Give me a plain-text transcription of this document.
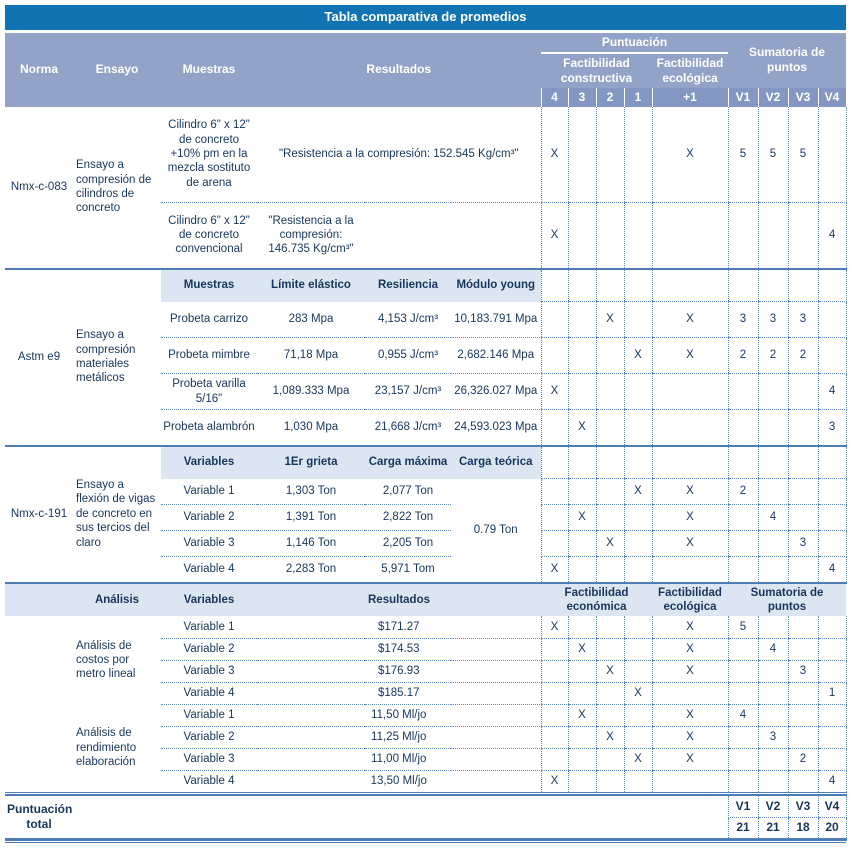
Tabla comparativa de promedios														
Norma	Ensayo	Muestras	Resultados			Puntuación					Sumatoria de puntos			
						Factibilidad constructiva				Factibilidad ecológica				
						4	3	2	1	+1	V1	V2	V3	V4
Nmx-c-083	Ensayo a compresión de cilindros de concreto	Cilindro 6" x 12" de concreto +10% pm en la mezcla sostituto de arena	"Resistencia a la compresión: 152.545 Kg/cm³"			X				X	5	5	5	
		Cilindro 6" x 12" de concreto convencional	"Resistencia a la compresión: 146.735 Kg/cm³"			X								4

Astm e9	Ensayo a compresión materiales metálicos	Muestras	Límite elástico	Resiliencia	Módulo young									
		Probeta carrizo	283 Mpa	4,153 J/cm³	10,183.791 Mpa			X		X	3	3	3	
		Probeta mimbre	71,18 Mpa	0,955 J/cm³	2,682.146 Mpa				X	X	2	2	2	
		Probeta varilla 5/16"	1,089.333 Mpa	23,157 J/cm³	26,326.027 Mpa	X								4
		Probeta alambrón	1,030 Mpa	21,668 J/cm³	24,593.023 Mpa		X							3

Nmx-c-191	Ensayo a flexión de vigas de concreto en sus tercios del claro	Variables	1Er grieta	Carga máxima	Carga teórica									
		Variable 1	1,303 Ton	2,077 Ton	0.79 Ton				X	X	2			
		Variable 2	1,391 Ton	2,822 Ton			X			X		4		
		Variable 3	1,146 Ton	2,205 Ton				X		X			3	
		Variable 4	2,283 Ton	5,971 Tom		X								4
	Análisis	Variables	Resultados			Factibilidad económica				Factibilidad ecológica	Sumatoria de puntos			
	Análisis de costos por metro lineal	Variable 1	$171.27			X				X	5			
		Variable 2	$174.53				X			X		4		
		Variable 3	$176.93					X		X			3	
		Variable 4	$185.17						X					1
	Análisis de rendimiento elaboración	Variable 1	11,50 Ml/jo				X			X	4			
		Variable 2	11,25 Ml/jo					X		X		3		
		Variable 3	11,00 Ml/jo						X	X			2	
		Variable 4	13,50 Ml/jo			X								4

Puntuación total											V1	V2	V3	V4
											21	21	18	20
